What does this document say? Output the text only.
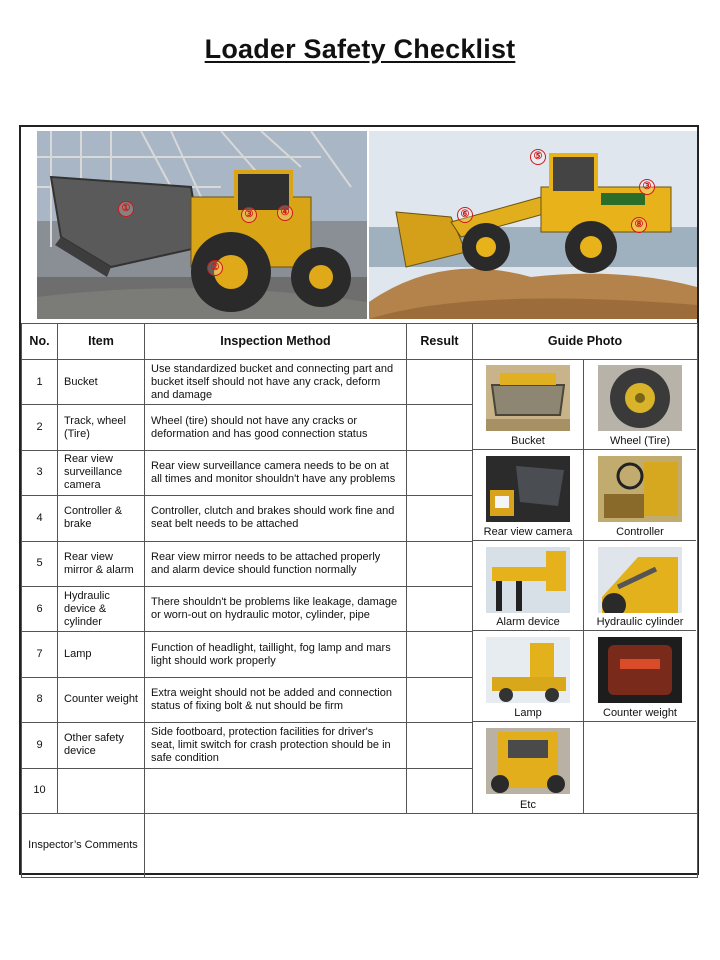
Loader Safety Checklist
①
②
③	④
⑤
⑥
③
⑧
No.	Item	Inspection Method	Result	Guide Photo
1	Bucket	Use standardized bucket and connecting part and bucket itself should not have any crack, deform and damage		
2	Track, wheel (Tire)	Wheel (tire) should not have any cracks or deformation and has good connection status		
3	Rear view surveillance camera	Rear view surveillance camera needs to be on at all times and monitor shouldn't have any problems		
4	Controller & brake	Controller, clutch and brakes should work fine and seat belt needs to be attached		
5	Rear view mirror & alarm	Rear view mirror needs to be attached properly and alarm device should function normally		
6	Hydraulic device & cylinder	There shouldn't be problems like leakage, damage or worn-out on hydraulic motor, cylinder, pipe		
7	Lamp	Function of headlight, taillight, fog lamp and mars light should work properly		
8	Counter weight	Extra weight should not be added and connection status of fixing bolt & nut should be firm		
9	Other safety device	Side footboard, protection facilities for driver's seat, limit switch for crash protection should be in safe condition		
10				
Inspector’s Comments				
Bucket	Wheel (Tire)
Rear view camera	Controller
Alarm device	Hydraulic cylinder
Lamp	Counter weight
Etc
